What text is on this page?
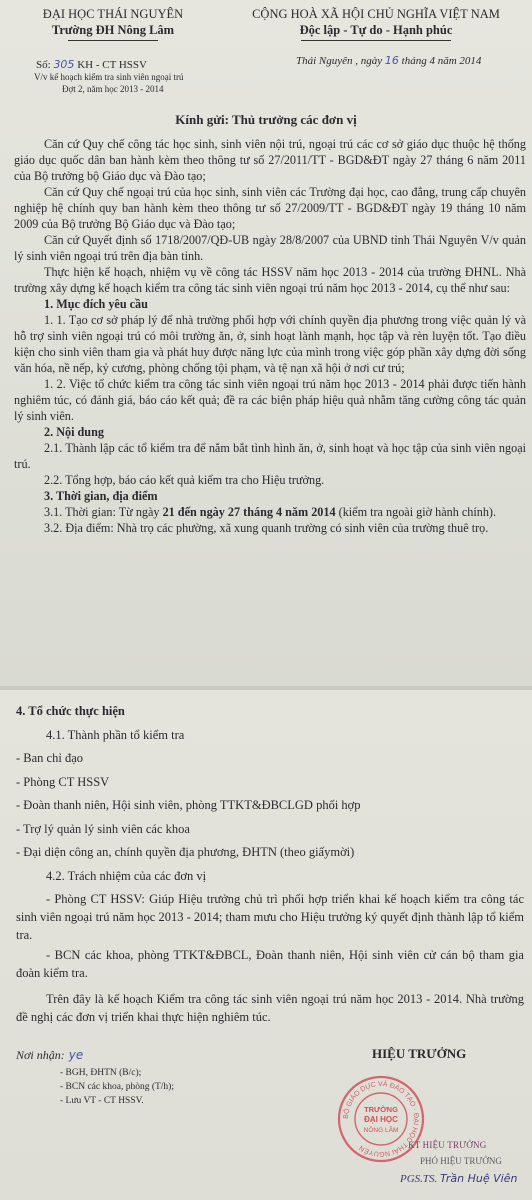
ĐẠI HỌC THÁI NGUYÊN
Trường ĐH Nông Lâm
CỘNG HOÀ XÃ HỘI CHỦ NGHĨA VIỆT NAM
Độc lập - Tự do - Hạnh phúc
Số: 305 KH - CT HSSV
V/v kế hoạch kiểm tra sinh viên ngoại trú
Đợt 2, năm học 2013 - 2014
Thái Nguyên , ngày 16 tháng 4 năm 2014
Kính gửi: Thủ trưởng các đơn vị

Căn cứ Quy chế công tác học sinh, sinh viên nội trú, ngoại trú các cơ sở giáo dục thuộc hệ thống giáo dục quốc dân ban hành kèm theo thông tư số 27/2011/TT - BGD&ĐT ngày 27 tháng 6 năm 2011 của Bộ trưởng bộ Giáo dục và Đào tạo;

Căn cứ Quy chế ngoại trú của học sinh, sinh viên các Trường đại học, cao đẳng, trung cấp chuyên nghiệp hệ chính quy ban hành kèm theo thông tư số 27/2009/TT - BGD&ĐT ngày 19 tháng 10 năm 2009 của Bộ trưởng Bộ Giáo dục và Đào tạo;

Căn cứ Quyết định số 1718/2007/QĐ-UB ngày 28/8/2007 của UBND tỉnh Thái Nguyên V/v quản lý sinh viên ngoại trú trên địa bàn tỉnh.

Thực hiện kế hoạch, nhiệm vụ về công tác HSSV năm học 2013 - 2014 của trường ĐHNL. Nhà trường xây dựng kế hoạch kiểm tra công tác sinh viên ngoại trú năm học 2013 - 2014, cụ thể như sau:

1. Mục đích yêu cầu

1. 1. Tạo cơ sở pháp lý để nhà trường phối hợp với chính quyền địa phương trong việc quản lý và hỗ trợ sinh viên ngoại trú có môi trường ăn, ở, sinh hoạt lành mạnh, học tập và rèn luyện tốt. Tạo điều kiện cho sinh viên tham gia và phát huy được năng lực của mình trong việc góp phần xây dựng đời sống văn hóa, nề nếp, kỷ cương, phòng chống tội phạm, và tệ nạn xã hội ở nơi cư trú;

1. 2. Việc tổ chức kiểm tra công tác sinh viên ngoại trú năm học 2013 - 2014 phải được tiến hành nghiêm túc, có đánh giá, báo cáo kết quả; đề ra các biện pháp hiệu quả nhằm tăng cường công tác quản lý sinh viên.

2. Nội dung

2.1. Thành lập các tổ kiểm tra để nắm bắt tình hình ăn, ở, sinh hoạt và học tập của sinh viên ngoại trú.

2.2. Tổng hợp, báo cáo kết quả kiểm tra cho Hiệu trưởng.

3. Thời gian, địa điểm

3.1. Thời gian: Từ ngày 21 đến ngày 27 tháng 4 năm 2014 (kiểm tra ngoài giờ hành chính).

3.2. Địa điểm: Nhà trọ các phường, xã xung quanh trường có sinh viên của trường thuê trọ.

4. Tổ chức thực hiện

4.1. Thành phần tổ kiểm tra

- Ban chỉ đạo

- Phòng CT HSSV

- Đoàn thanh niên, Hội sinh viên, phòng TTKT&ĐBCLGD phối hợp

- Trợ lý quản lý sinh viên các khoa

- Đại diện công an, chính quyền địa phương, ĐHTN (theo giấymời)

4.2. Trách nhiệm của các đơn vị

- Phòng CT HSSV: Giúp Hiệu trưởng chủ trì phối hợp triển khai kế hoạch kiểm tra công tác sinh viên ngoại trú năm học 2013 - 2014; tham mưu cho Hiệu trưởng ký quyết định thành lập tổ kiểm tra.

- BCN các khoa, phòng TTKT&ĐBCL, Đoàn thanh niên, Hội sinh viên cử cán bộ tham gia đoàn kiểm tra.

Trên đây là kế hoạch Kiểm tra công tác sinh viên ngoại trú năm học 2013 - 2014. Nhà trường đề nghị các đơn vị triển khai thực hiện nghiêm túc.

Nơi nhận: ye
- BGH, ĐHTN (B/c);
- BCN các khoa, phòng (T/h);
- Lưu VT - CT HSSV.
HIỆU TRƯỞNG
BỘ GIÁO DỤC VÀ ĐÀO TẠO · ĐẠI HỌC THÁI NGUYÊN
TRƯỜNG
ĐẠI HỌC
NÔNG LÂM
KT HIỆU TRƯỞNG
PHÓ HIỆU TRƯỞNG
PGS.TS. Trần Huệ Viên
